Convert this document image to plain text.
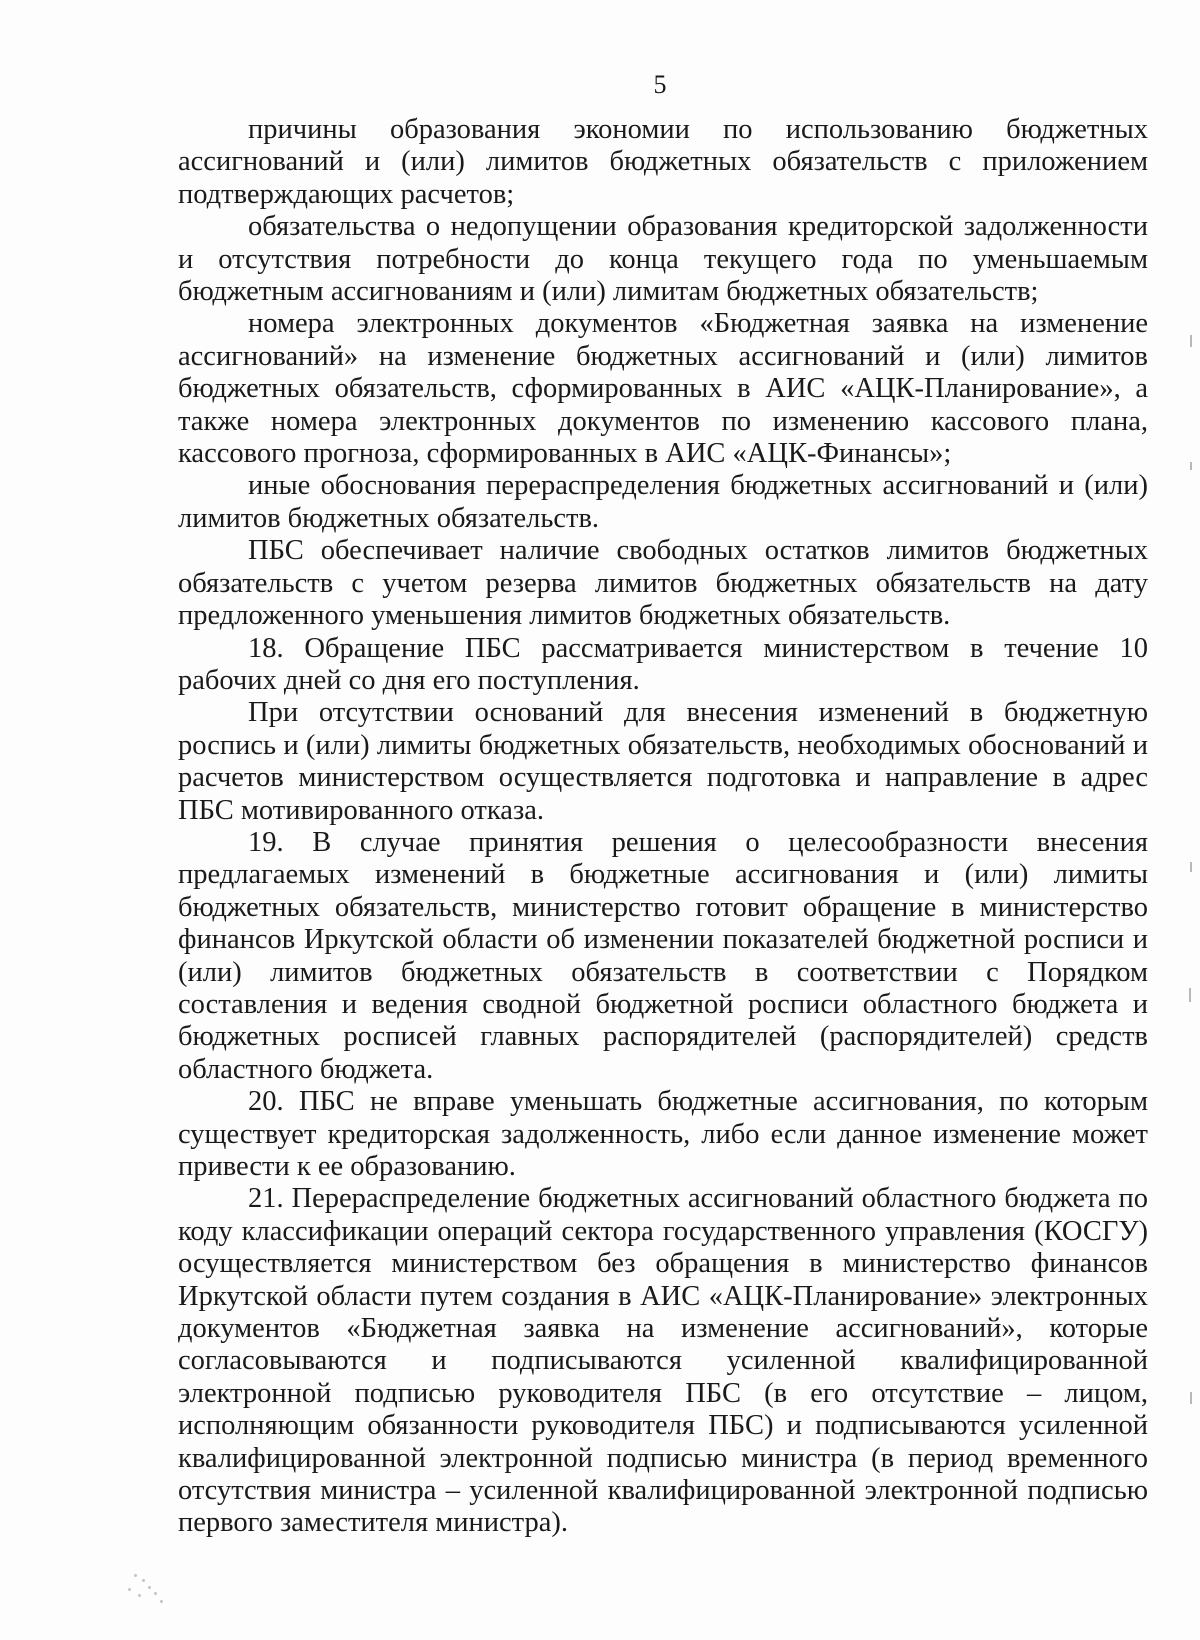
5

причины образования экономии по использованию бюджетных ассигнований и (или) лимитов бюджетных обязательств с приложением подтверждающих расчетов;

обязательства о недопущении образования кредиторской задолженности и отсутствия потребности до конца текущего года по уменьшаемым бюджетным ассигнованиям и (или) лимитам бюджетных обязательств;

номера электронных документов «Бюджетная заявка на изменение ассигнований» на изменение бюджетных ассигнований и (или) лимитов бюджетных обязательств, сформированных в АИС «АЦК-Планирование», а также номера электронных документов по изменению кассового плана, кассового прогноза, сформированных в АИС «АЦК-Финансы»;

иные обоснования перераспределения бюджетных ассигнований и (или) лимитов бюджетных обязательств.

ПБС обеспечивает наличие свободных остатков лимитов бюджетных обязательств с учетом резерва лимитов бюджетных обязательств на дату предложенного уменьшения лимитов бюджетных обязательств.

18. Обращение ПБС рассматривается министерством в течение 10 рабочих дней со дня его поступления.

При отсутствии оснований для внесения изменений в бюджетную роспись и (или) лимиты бюджетных обязательств, необходимых обоснований и расчетов министерством осуществляется подготовка и направление в адрес ПБС мотивированного отказа.

19. В случае принятия решения о целесообразности внесения предлагаемых изменений в бюджетные ассигнования и (или) лимиты бюджетных обязательств, министерство готовит обращение в министерство финансов Иркутской области об изменении показателей бюджетной росписи и (или) лимитов бюджетных обязательств в соответствии с Порядком составления и ведения сводной бюджетной росписи областного бюджета и бюджетных росписей главных распорядителей (распорядителей) средств областного бюджета.

20. ПБС не вправе уменьшать бюджетные ассигнования, по которым существует кредиторская задолженность, либо если данное изменение может привести к ее образованию.

21. Перераспределение бюджетных ассигнований областного бюджета по коду классификации операций сектора государственного управления (КОСГУ) осуществляется министерством без обращения в министерство финансов Иркутской области путем создания в АИС «АЦК-Планирование» электронных документов «Бюджетная заявка на изменение ассигнований», которые согласовываются и подписываются усиленной квалифицированной электронной подписью руководителя ПБС (в его отсутствие – лицом, исполняющим обязанности руководителя ПБС) и подписываются усиленной квалифицированной электронной подписью министра (в период временного отсутствия министра – усиленной квалифицированной электронной подписью первого заместителя министра).
